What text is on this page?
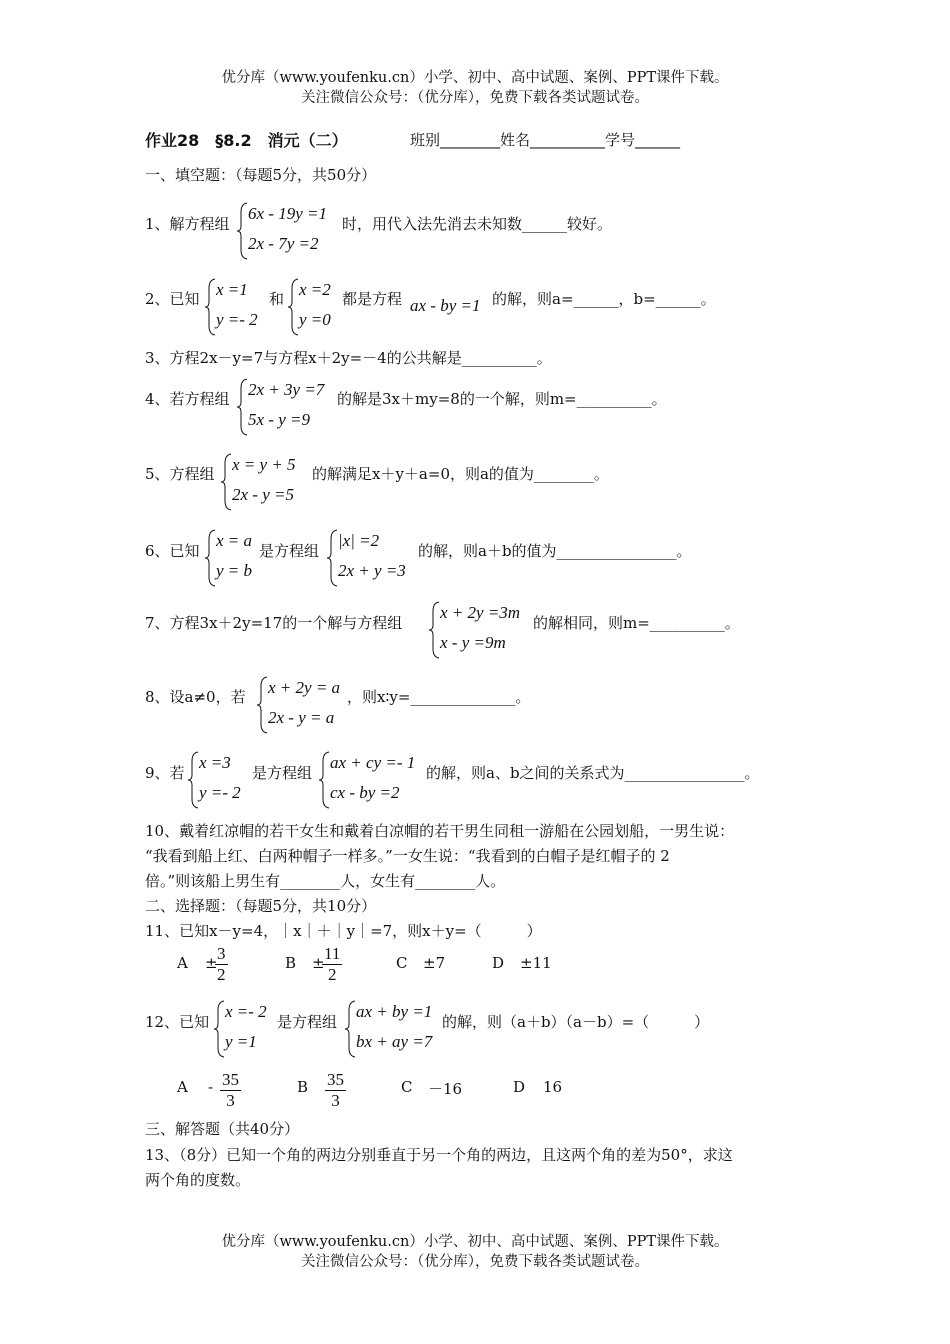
优分库（www.youfenku.cn）小学、初中、高中试题、案例、PPT课件下载。
关注微信公众号：（优分库），免费下载各类试题试卷。
作业28　§8.2　消元（二）	班别________姓名__________学号______
一、填空题：（每题5分，共50分）
1、解方程组
6x - 19y =1
2x - 7y =2
时，用代入法先消去未知数______较好。
2、已知 x =1
y =- 2
和 x =2
y =0
都是方程 ax - by =1 的解，则a=______，b=______。
3、方程2x－y=7与方程x＋2y=－4的公共解是__________。
4、若方程组 2x + 3y =7
5x - y =9
的解是3x＋my=8的一个解，则m=__________。
5、方程组 x = y + 5
2x - y =5
的解满足x＋y＋a=0，则a的值为________。
6、已知
x = a
y = b
是方程组
|x| =2
2x + y =3
的解，则a＋b的值为________________。
7、方程3x＋2y=17的一个解与方程组
x + 2y =3m
x - y =9m
的解相同，则m=__________。
8、设a≠0，若 x + 2y = a
2x - y = a
，则x∶y=______________。
9、若
x =3
y =- 2
是方程组
ax + cy =- 1
cx - by =2
的解，则a、b之间的关系式为________________。
10、戴着红凉帽的若干女生和戴着白凉帽的若干男生同租一游船在公园划船，一男生说：
“我看到船上红、白两种帽子一样多。”一女生说：“我看到的白帽子是红帽子的 2
倍。”则该船上男生有________人，女生有________人。
二、选择题：（每题5分，共10分）
11、已知x－y=4，｜x｜＋｜y｜=7，则x＋y=（　　　）
A ±
$\frac{3}{2}$	B ±
$\frac{11}{2}$	C ±7	D ±11
12、已知
x =- 2
y =1
是方程组
ax + by =1
bx + ay =7
的解，则（a＋b）（a－b）=（　　　）
A - $\frac{35}{3}$	B $\frac{35}{3}$	C －16	D 16
三、解答题（共40分）
13、（8分）已知一个角的两边分别垂直于另一个角的两边，且这两个角的差为50°，求这
两个角的度数。
优分库（www.youfenku.cn）小学、初中、高中试题、案例、PPT课件下载。
关注微信公众号：（优分库），免费下载各类试题试卷。
